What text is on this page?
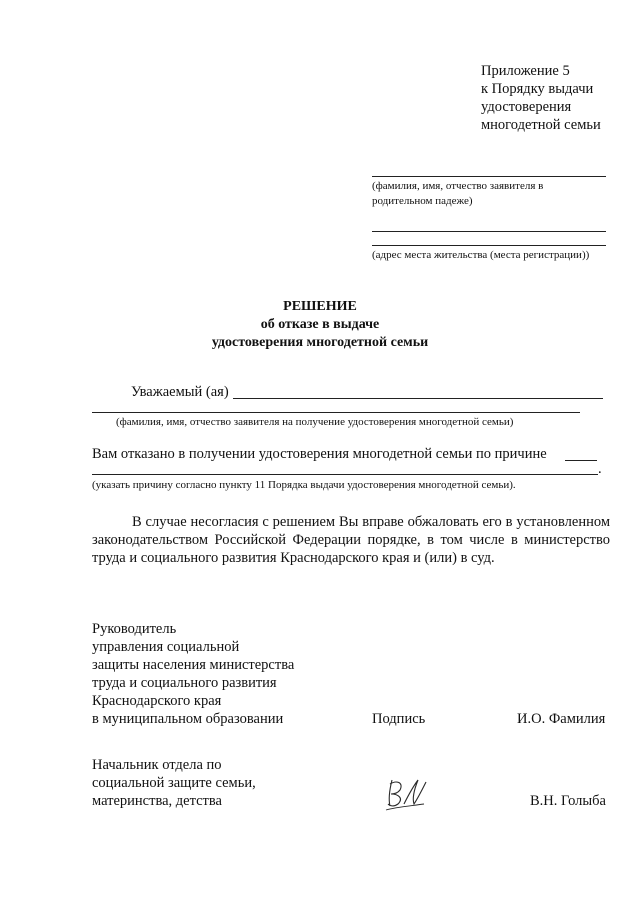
Приложение 5
к Порядку выдачи
удостоверения
многодетной семьи
(фамилия, имя, отчество заявителя в
родительном падеже)
(адрес места жительства (места регистрации))
РЕШЕНИЕ
об отказе в выдаче
удостоверения многодетной семьи
Уважаемый (ая)
(фамилия, имя, отчество заявителя на получение удостоверения многодетной семьи)
Вам отказано в получении удостоверения многодетной семьи по причине
.
(указать причину согласно пункту 11 Порядка выдачи удостоверения многодетной семьи).
В случае несогласия с решением Вы вправе обжаловать его в установленном законодательством Российской Федерации порядке, в том числе в министерство труда и социального развития Краснодарского края и (или) в суд.
Руководитель
управления социальной
защиты населения министерства
труда и социального развития
Краснодарского края
в муниципальном образовании	Подпись	И.О. Фамилия
Начальник отдела по
социальной защите семьи,
материнства, детства	В.Н. Голыба
